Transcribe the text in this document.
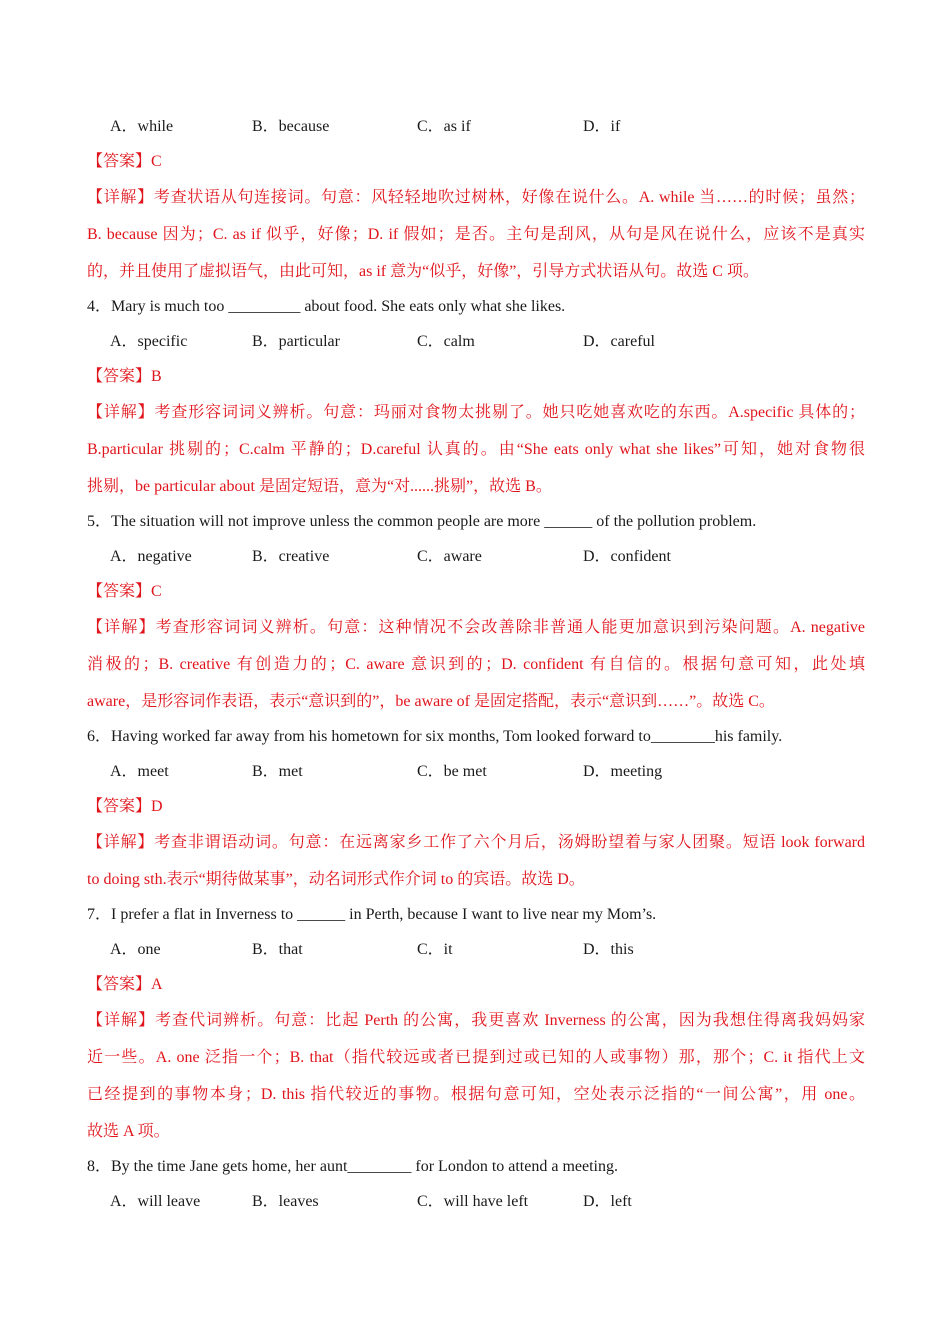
A．while	B．because	C．as if	D．if
【答案】C
【详解】考查状语从句连接词。句意：风轻轻地吹过树林，好像在说什么。A. while 当……的时候；虽然；
B. because 因为；C. as if 似乎，好像；D. if 假如；是否。主句是刮风，从句是风在说什么，应该不是真实
的，并且使用了虚拟语气，由此可知，as if 意为“似乎，好像”，引导方式状语从句。故选 C 项。
4．Mary is much too _________ about food. She eats only what she likes.
A．specific	B．particular	C．calm	D．careful
【答案】B
【详解】考查形容词词义辨析。句意：玛丽对食物太挑剔了。她只吃她喜欢吃的东西。A.specific 具体的；
B.particular 挑剔的；C.calm 平静的；D.careful 认真的。由“She eats only what she likes”可知，她对食物很
挑剔，be particular about 是固定短语，意为“对......挑剔”，故选 B。
5．The situation will not improve unless the common people are more ______ of the pollution problem.
A．negative	B．creative	C．aware	D．confident
【答案】C
【详解】考查形容词词义辨析。句意：这种情况不会改善除非普通人能更加意识到污染问题。A. negative
消极的；B. creative 有创造力的；C. aware 意识到的；D. confident 有自信的。根据句意可知，此处填
aware，是形容词作表语，表示“意识到的”，be aware of 是固定搭配，表示“意识到……”。故选 C。
6．Having worked far away from his hometown for six months, Tom looked forward to________his family.
A．meet	B．met	C．be met	D．meeting
【答案】D
【详解】考查非谓语动词。句意：在远离家乡工作了六个月后，汤姆盼望着与家人团聚。短语 look forward
to doing sth.表示“期待做某事”，动名词形式作介词 to 的宾语。故选 D。
7．I prefer a flat in Inverness to ______ in Perth, because I want to live near my Mom’s.
A．one	B．that	C．it	D．this
【答案】A
【详解】考查代词辨析。句意：比起 Perth 的公寓，我更喜欢 Inverness 的公寓，因为我想住得离我妈妈家
近一些。A. one 泛指一个；B. that（指代较远或者已提到过或已知的人或事物）那，那个；C. it 指代上文
已经提到的事物本身；D. this 指代较近的事物。根据句意可知，空处表示泛指的“一间公寓”，用 one。
故选 A 项。
8．By the time Jane gets home, her aunt________ for London to attend a meeting.
A．will leave	B．leaves	C．will have left	D．left
